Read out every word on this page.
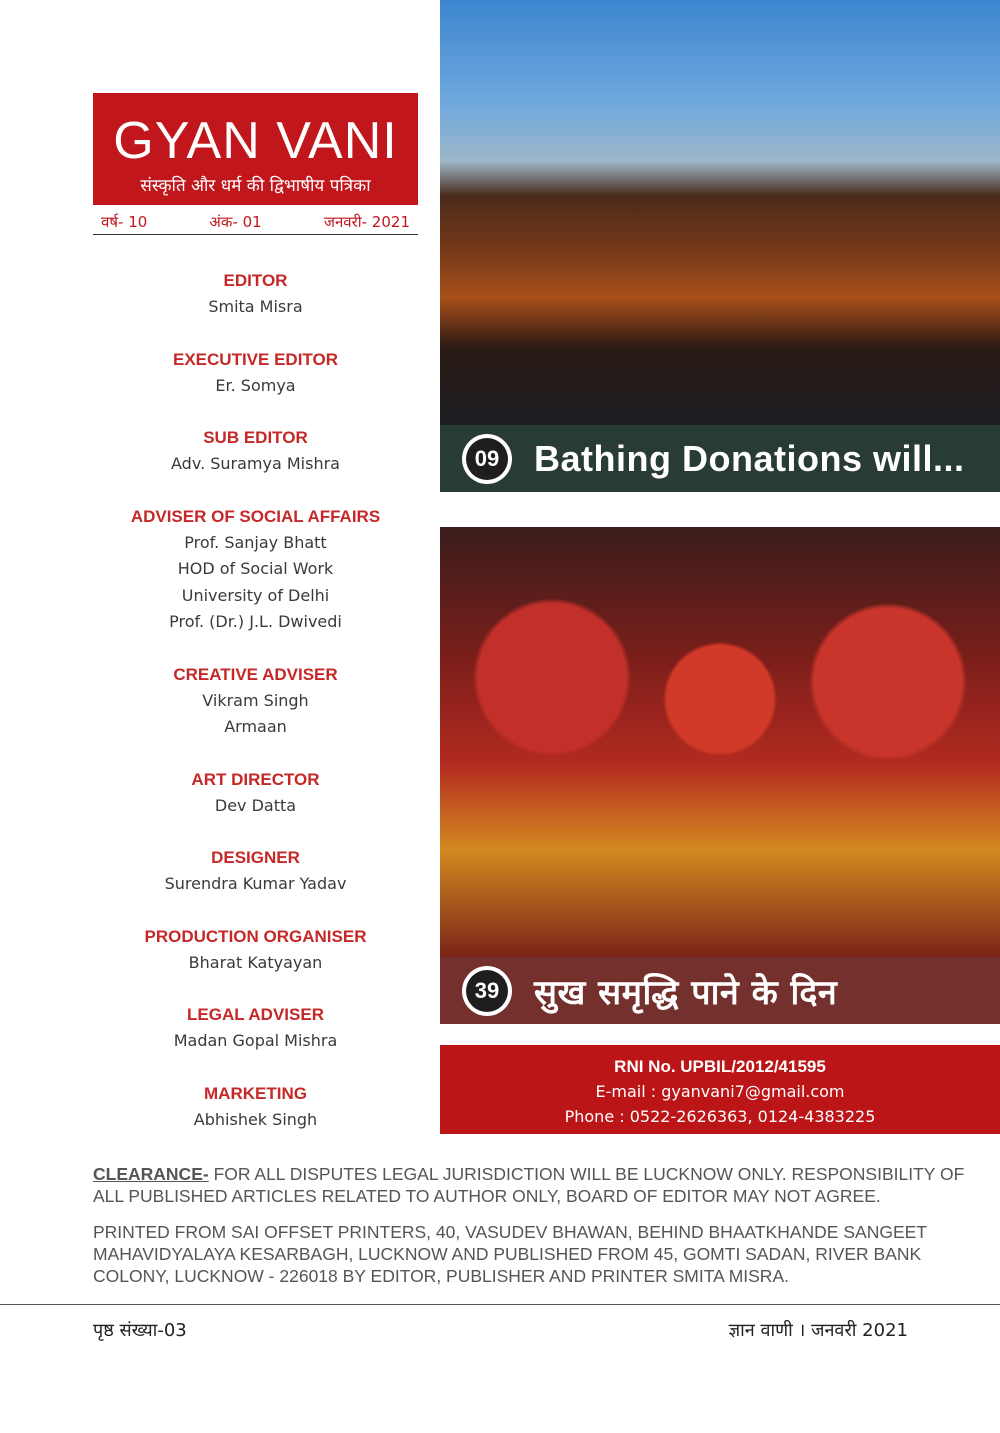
GYAN VANI
संस्कृति और धर्म की द्विभाषीय पत्रिका
वर्ष- 10	अंक- 01	जनवरी- 2021
EDITOR
Smita Misra
EXECUTIVE EDITOR
Er. Somya
SUB EDITOR
Adv. Suramya Mishra
ADVISER OF SOCIAL AFFAIRS
Prof. Sanjay Bhatt
HOD of Social Work
University of Delhi
Prof. (Dr.) J.L. Dwivedi
CREATIVE ADVISER
Vikram Singh
Armaan
ART DIRECTOR
Dev Datta
DESIGNER
Surendra Kumar Yadav
PRODUCTION ORGANISER
Bharat Katyayan
LEGAL ADVISER
Madan Gopal Mishra
MARKETING
Abhishek Singh
09 Bathing Donations will...
39 सुख समृद्धि पाने के दिन
RNI No. UPBIL/2012/41595
E-mail : gyanvani7@gmail.com
Phone : 0522-2626363, 0124-4383225
CLEARANCE- FOR ALL DISPUTES LEGAL JURISDICTION WILL BE LUCKNOW ONLY. RESPONSIBILITY OF ALL PUBLISHED ARTICLES RELATED TO AUTHOR ONLY, BOARD OF EDITOR MAY NOT AGREE.
PRINTED FROM SAI OFFSET PRINTERS, 40, VASUDEV BHAWAN, BEHIND BHAATKHANDE SANGEET MAHAVIDYALAYA KESARBAGH, LUCKNOW AND PUBLISHED FROM 45, GOMTI SADAN, RIVER BANK COLONY, LUCKNOW - 226018 BY EDITOR, PUBLISHER AND PRINTER SMITA MISRA.
पृष्ठ संख्या-03	ज्ञान वाणी । जनवरी 2021
